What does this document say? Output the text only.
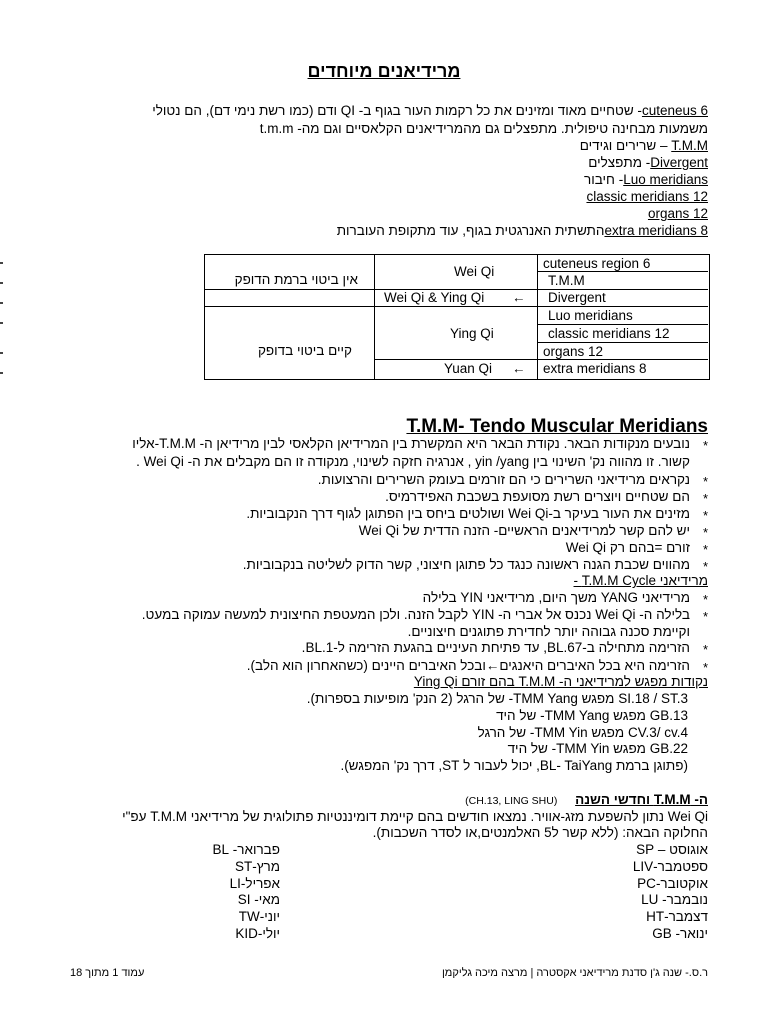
מרידיאנים מיוחדים
cuteneus 6- שטחיים מאוד ומזינים את כל רקמות העור בגוף ב- QI ודם (כמו רשת נימי דם), הם נטולי
משמעות מבחינה טיפולית. מתפצלים גם מהמרידיאנים הקלאסיים וגם מה- t.m.m
T.M.M – שרירים וגידים
Divergent- מתפצלים
Luo meridians- חיבור
classic meridians 12
organs 12
extra meridians 8התשתית האנרגטית בגוף, עוד מתקופת העוברות
cuteneus region 6
T.M.M
Divergent
Luo meridians
classic meridians 12
organs 12
extra meridians 8
Wei Qi
Wei Qi & Ying Qi ←
Ying Qi
Yuan Qi ←
אין ביטוי ברמת הדופק
קיים ביטוי בדופק
T.M.M- Tendo Muscular Meridians
*
נובעים מנקודות הבאר. נקודת הבאר היא המקשרת בין המרידיאן הקלאסי לבין מרידיאן ה- T.M.M-אליו
קשור. זו מהווה נק' השינוי בין yin /yang , אנרגיה חזקה לשינוי, מנקודה זו הם מקבלים את ה- Wei Qi .
*
נקראים מרידיאני השרירים כי הם זורמים בעומק השרירים והרצועות.
*
הם שטחיים ויוצרים רשת מסועפת בשכבת האפידרמיס.
*
מזינים את העור בעיקר ב-Wei Qi ושולטים ביחס בין הפתוגן לגוף דרך הנקבוביות.
*
יש להם קשר למרידיאנים הראשיים- הזנה הדדית של Wei Qi
*
זורם =בהם רק Wei Qi
*
מהווים שכבת הגנה ראשונה כנגד כל פתוגן חיצוני, קשר הדוק לשליטה בנקבוביות.
מרידיאני T.M.M Cycle -
*
מרידיאני YANG משך היום, מרידיאני YIN בלילה
*
בלילה ה- Wei Qi נכנס אל אברי ה- YIN לקבל הזנה. ולכן המעטפת החיצונית למעשה עמוקה במעט.
וקיימת סכנה גבוהה יותר לחדירת פתוגנים חיצוניים.
*
הזרימה מתחילה ב-BL.67, עד פתיחת העיניים בהגעת הזרימה ל-BL.1.
*
הזרימה היא בכל האיברים היאנגים←ובכל האיברים היינים (כשהאחרון הוא הלב).
נקודות מפגש למרידיאני ה- T.M.M בהם זורם Ying Qi
SI.18 / ST.3 מפגש TMM Yang- של הרגל (2 הנק' מופיעות בספרות).
GB.13 מפגש TMM Yang- של היד
CV.3/ cv.4 מפגש TMM Yin- של הרגל
GB.22 מפגש TMM Yin- של היד
(פתוגן ברמת BL- TaiYang, יכול לעבור ל ST, דרך נק' המפגש).
ה- T.M.M וחדשי השנה (CH.13, LING SHU)
Wei Qi נתון להשפעת מזג-אוויר. נמצאו חודשים בהם קיימת דומיננטיות פתולוגית של מרידיאני T.M.M עפ"י
החלוקה הבאה: (ללא קשר ל5 האלמנטים,או לסדר השכבות).
פברואר- BL
מרץ-ST
אפריל-LI
מאי- SI
יוני-TW
יולי-KID
אוגוסט – SP
ספטמבר-LIV
אוקטובר-PC
נובמבר- LU
דצמבר-HT
ינואר- GB
עמוד 1 מתוך 18	ר.ס.- שנה ג'ן סדנת מרידיאני אקסטרה | מרצה מיכה גליקמן
